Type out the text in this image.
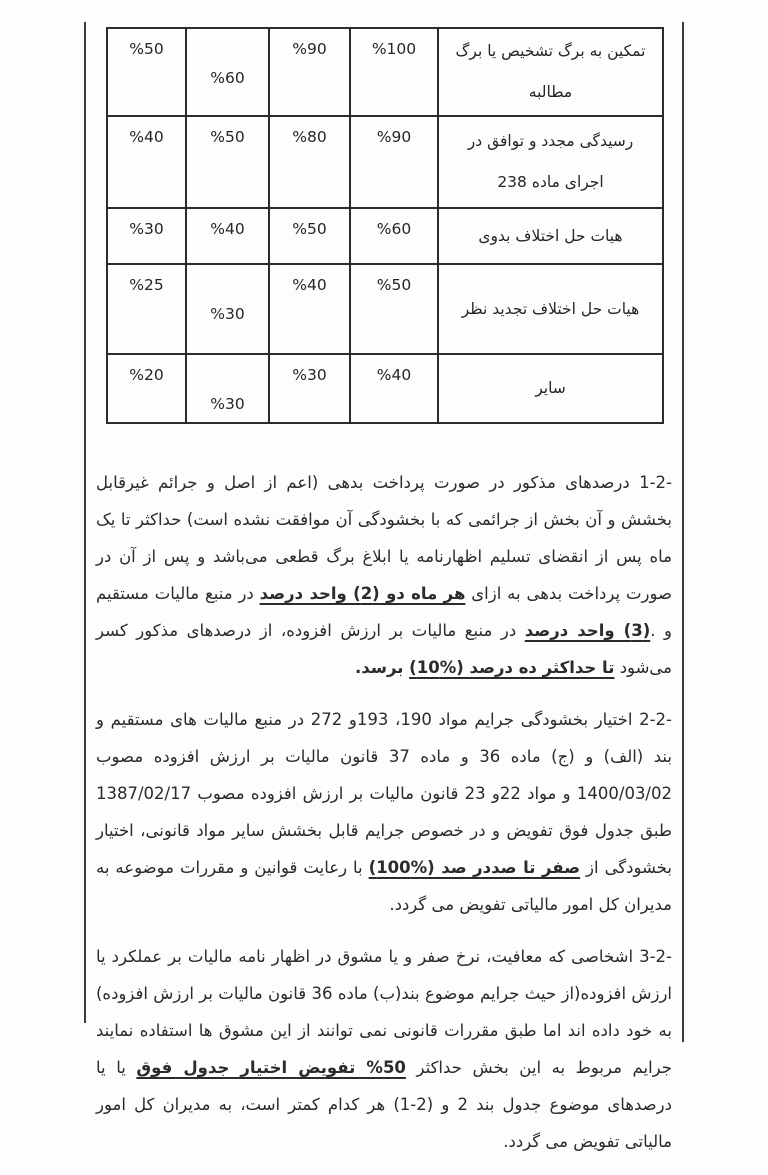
تمکین به برگ تشخیص یا برگ مطالبه	%100	%90	%60	%50
رسیدگی مجدد و توافق در اجرای ماده 238	%90	%80	%50	%40
هیات حل اختلاف بدوی	%60	%50	%40	%30
هیات حل اختلاف تجدید نظر	%50	%40	%30	%25
سایر	%40	%30	%30	%20

1-2- درصدهای مذکور در صورت پرداخت بدهی (اعم از اصل و جرائم غیرقابل بخشش و آن بخش از جرائمی که با بخشودگی آن موافقت نشده است) حداکثر تا یک ماه پس از انقضای تسلیم اظهارنامه یا ابلاغ برگ قطعی می‌باشد و پس از آن در صورت پرداخت بدهی به ازای هر ماه دو (2) واحد درصد در منبع مالیات مستقیم و .(3) واحد درصد در منبع مالیات بر ارزش افزوده، از درصدهای مذکور کسر می‌شود تا حداکثر ده درصد (%10) برسد.

2-2- اختیار بخشودگی جرایم مواد 190، 193و 272 در منبع مالیات های مستقیم و بند (الف) و (ج) ماده 36 و ماده 37 قانون مالیات بر ارزش افزوده مصوب 1400/03/02 و مواد 22و 23 قانون مالیات بر ارزش افزوده مصوب 1387/02/17 طبق جدول فوق تفویض و در خصوص جرایم قابل بخشش سایر مواد قانونی، اختیار بخشودگی از صفر تا صددر صد (%100) با رعایت قوانین و مقررات موضوعه به مدیران کل امور مالیاتی تفویض می گردد.

3-2- اشخاصی که معافیت، نرخ صفر و یا مشوق در اظهار نامه مالیات بر عملکرد یا ارزش افزوده(از حیث جرایم موضوع بند(ب) ماده 36 قانون مالیات بر ارزش افزوده) به خود داده اند اما طبق مقررات قانونی نمی توانند از این مشوق ها استفاده نمایند جرایم مربوط به این بخش حداکثر 50% تفویض اختیار جدول فوق یا یا درصدهای موضوع جدول بند 2 و (2-1) هر کدام کمتر است، به مدیران کل امور مالیاتی تفویض می گردد.
